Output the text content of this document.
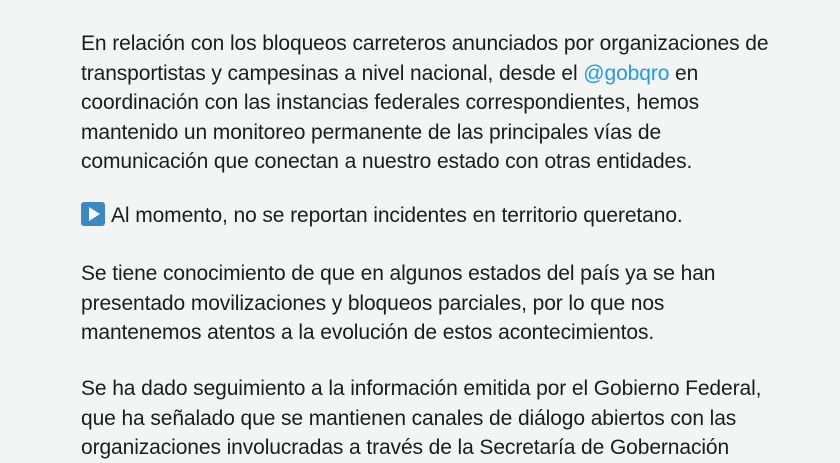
En relación con los bloqueos carreteros anunciados por organizaciones de
transportistas y campesinas a nivel nacional, desde el @gobqro en
coordinación con las instancias federales correspondientes, hemos
mantenido un monitoreo permanente de las principales vías de
comunicación que conectan a nuestro estado con otras entidades.

Al momento, no se reportan incidentes en territorio queretano.

Se tiene conocimiento de que en algunos estados del país ya se han
presentado movilizaciones y bloqueos parciales, por lo que nos
mantenemos atentos a la evolución de estos acontecimientos.

Se ha dado seguimiento a la información emitida por el Gobierno Federal,
que ha señalado que se mantienen canales de diálogo abiertos con las
organizaciones involucradas a través de la Secretaría de Gobernación
